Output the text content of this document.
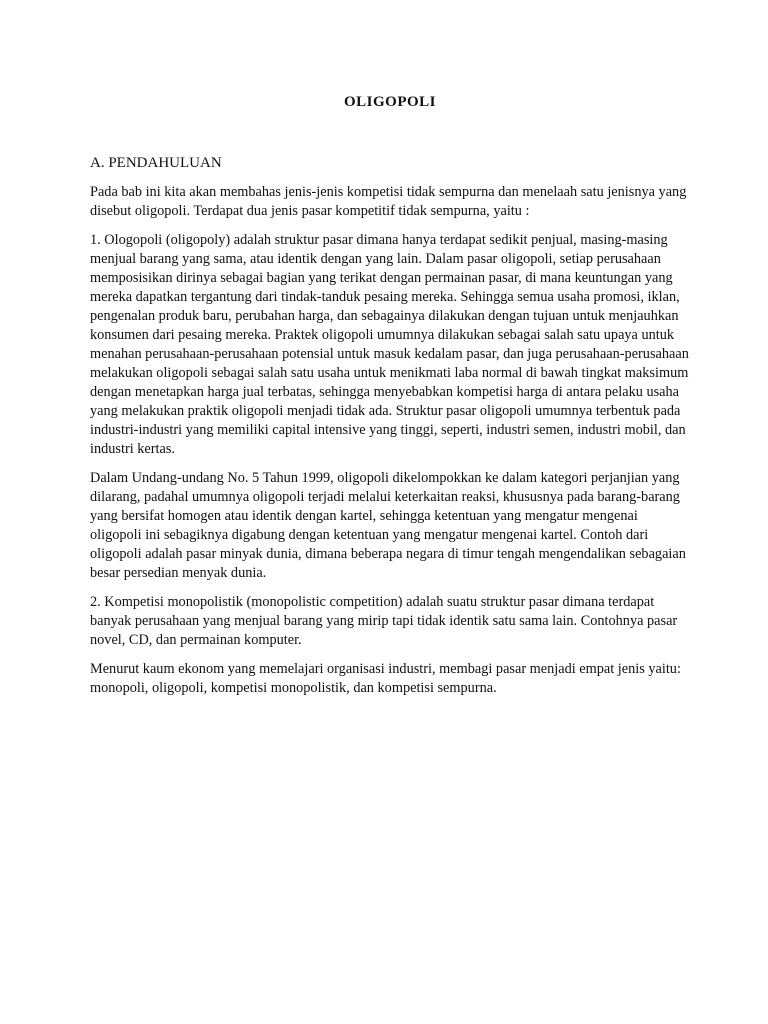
OLIGOPOLI
A. PENDAHULUAN

Pada bab ini kita akan membahas jenis-jenis kompetisi tidak sempurna dan menelaah satu jenisnya yang disebut oligopoli. Terdapat dua jenis pasar kompetitif tidak sempurna, yaitu :

1. Ologopoli (oligopoly) adalah struktur pasar dimana hanya terdapat sedikit penjual, masing-masing menjual barang yang sama, atau identik dengan yang lain. Dalam pasar oligopoli, setiap perusahaan memposisikan dirinya sebagai bagian yang terikat dengan permainan pasar, di mana keuntungan yang mereka dapatkan tergantung dari tindak-tanduk pesaing mereka. Sehingga semua usaha promosi, iklan, pengenalan produk baru, perubahan harga, dan sebagainya dilakukan dengan tujuan untuk menjauhkan konsumen dari pesaing mereka. Praktek oligopoli umumnya dilakukan sebagai salah satu upaya untuk menahan perusahaan-perusahaan potensial untuk masuk kedalam pasar, dan juga perusahaan-perusahaan melakukan oligopoli sebagai salah satu usaha untuk menikmati laba normal di bawah tingkat maksimum dengan menetapkan harga jual terbatas, sehingga menyebabkan kompetisi harga di antara pelaku usaha yang melakukan praktik oligopoli menjadi tidak ada. Struktur pasar oligopoli umumnya terbentuk pada industri-industri yang memiliki capital intensive yang tinggi, seperti, industri semen, industri mobil, dan industri kertas.

Dalam Undang-undang No. 5 Tahun 1999, oligopoli dikelompokkan ke dalam kategori perjanjian yang dilarang, padahal umumnya oligopoli terjadi melalui keterkaitan reaksi, khususnya pada barang-barang yang bersifat homogen atau identik dengan kartel, sehingga ketentuan yang mengatur mengenai oligopoli ini sebagiknya digabung dengan ketentuan yang mengatur mengenai kartel. Contoh dari oligopoli adalah pasar minyak dunia, dimana beberapa negara di timur tengah mengendalikan sebagaian besar persedian menyak dunia.

2. Kompetisi monopolistik (monopolistic competition) adalah suatu struktur pasar dimana terdapat banyak perusahaan yang menjual barang yang mirip tapi tidak identik satu sama lain. Contohnya pasar novel, CD, dan permainan komputer.

Menurut kaum ekonom yang memelajari organisasi industri, membagi pasar menjadi empat jenis yaitu: monopoli, oligopoli, kompetisi monopolistik, dan kompetisi sempurna.
